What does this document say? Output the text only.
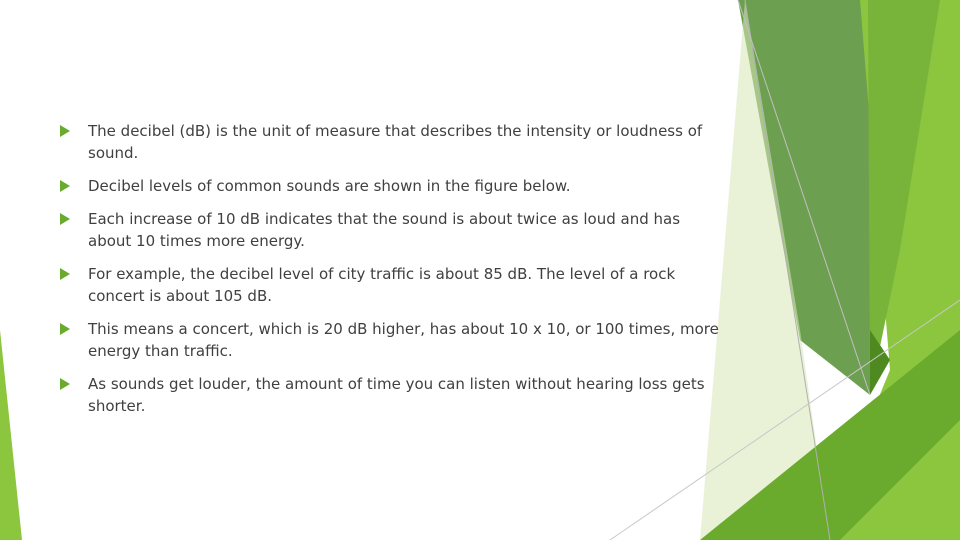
The decibel (dB) is the unit of measure that describes the intensity or loudness of sound.
Decibel levels of common sounds are shown in the figure below.
Each increase of 10 dB indicates that the sound is about twice as loud and has about 10 times more energy.
For example, the decibel level of city traffic is about 85 dB. The level of a rock concert is about 105 dB.
This means a concert, which is 20 dB higher, has about 10 x 10, or 100 times, more energy than traffic.
As sounds get louder, the amount of time you can listen without hearing loss gets shorter.
